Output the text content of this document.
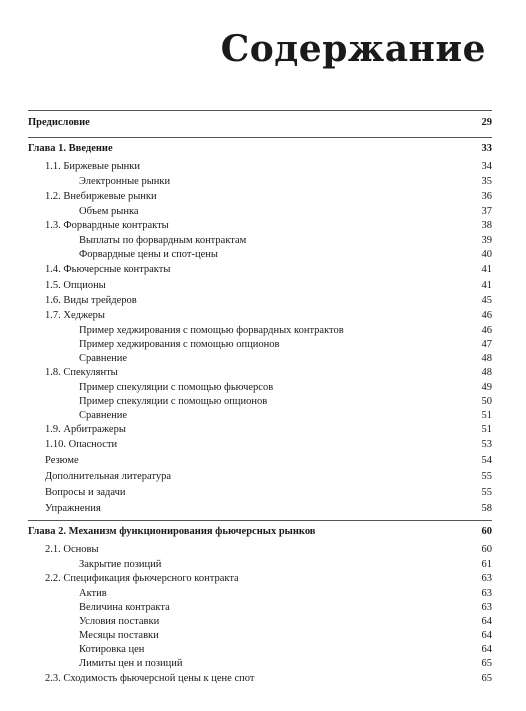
Содержание
Предисловие	29
Глава 1. Введение	33
1.1. Биржевые рынки	34
Электронные рынки	35
1.2. Внебиржевые рынки	36
Объем рынка	37
1.3. Форвардные контракты	38
Выплаты по форвардным контрактам	39
Форвардные цены и спот-цены	40
1.4. Фьючерсные контракты	41
1.5. Опционы	41
1.6. Виды трейдеров	45
1.7. Хеджеры	46
Пример хеджирования с помощью форвардных контрактов	46
Пример хеджирования с помощью опционов	47
Сравнение	48
1.8. Спекулянты	48
Пример спекуляции с помощью фьючерсов	49
Пример спекуляции с помощью опционов	50
Сравнение	51
1.9. Арбитражеры	51
1.10. Опасности	53
Резюме	54
Дополнительная литература	55
Вопросы и задачи	55
Упражнения	58
Глава 2. Механизм функционирования фьючерсных рынков	60
2.1. Основы	60
Закрытие позиций	61
2.2. Спецификация фьючерсного контракта	63
Актив	63
Величина контракта	63
Условия поставки	64
Месяцы поставки	64
Котировка цен	64
Лимиты цен и позиций	65
2.3. Сходимость фьючерсной цены к цене спот	65
